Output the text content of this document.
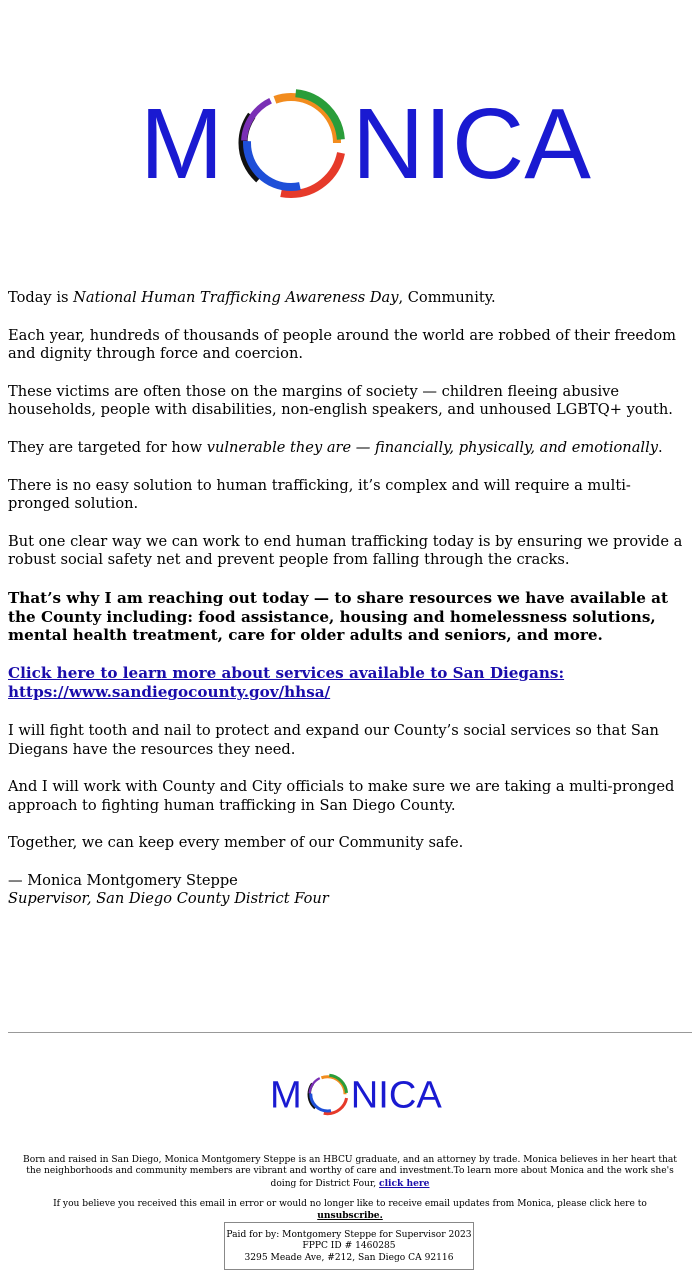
M NICA

Today is National Human Trafficking Awareness Day, Community.

Each year, hundreds of thousands of people around the world are robbed of their freedom and dignity through force and coercion.

These victims are often those on the margins of society — children fleeing abusive households, people with disabilities, non-english speakers, and unhoused LGBTQ+ youth.

They are targeted for how vulnerable they are — financially, physically, and emotionally.

There is no easy solution to human trafficking, it’s complex and will require a multi-pronged solution.

But one clear way we can work to end human trafficking today is by ensuring we provide a robust social safety net and prevent people from falling through the cracks.

That’s why I am reaching out today — to share resources we have available at the County including: food assistance, housing and homelessness solutions, mental health treatment, care for older adults and seniors, and more.

Click here to learn more about services available to San Diegans:
https://www.sandiegocounty.gov/hhsa/

I will fight tooth and nail to protect and expand our County’s social services so that San Diegans have the resources they need.

And I will work with County and City officials to make sure we are taking a multi-pronged approach to fighting human trafficking in San Diego County.

Together, we can keep every member of our Community safe.

— Monica Montgomery Steppe
Supervisor, San Diego County District Four

M NICA
Born and raised in San Diego, Monica Montgomery Steppe is an HBCU graduate, and an attorney by trade. Monica believes in her heart that the neighborhoods and community members are vibrant and worthy of care and investment.To learn more about Monica and the work she's doing for District Four, click here
If you believe you received this email in error or would no longer like to receive email updates from Monica, please click here to unsubscribe.
Paid for by: Montgomery Steppe for Supervisor 2023
FPPC ID # 1460285
3295 Meade Ave, #212, San Diego CA 92116
